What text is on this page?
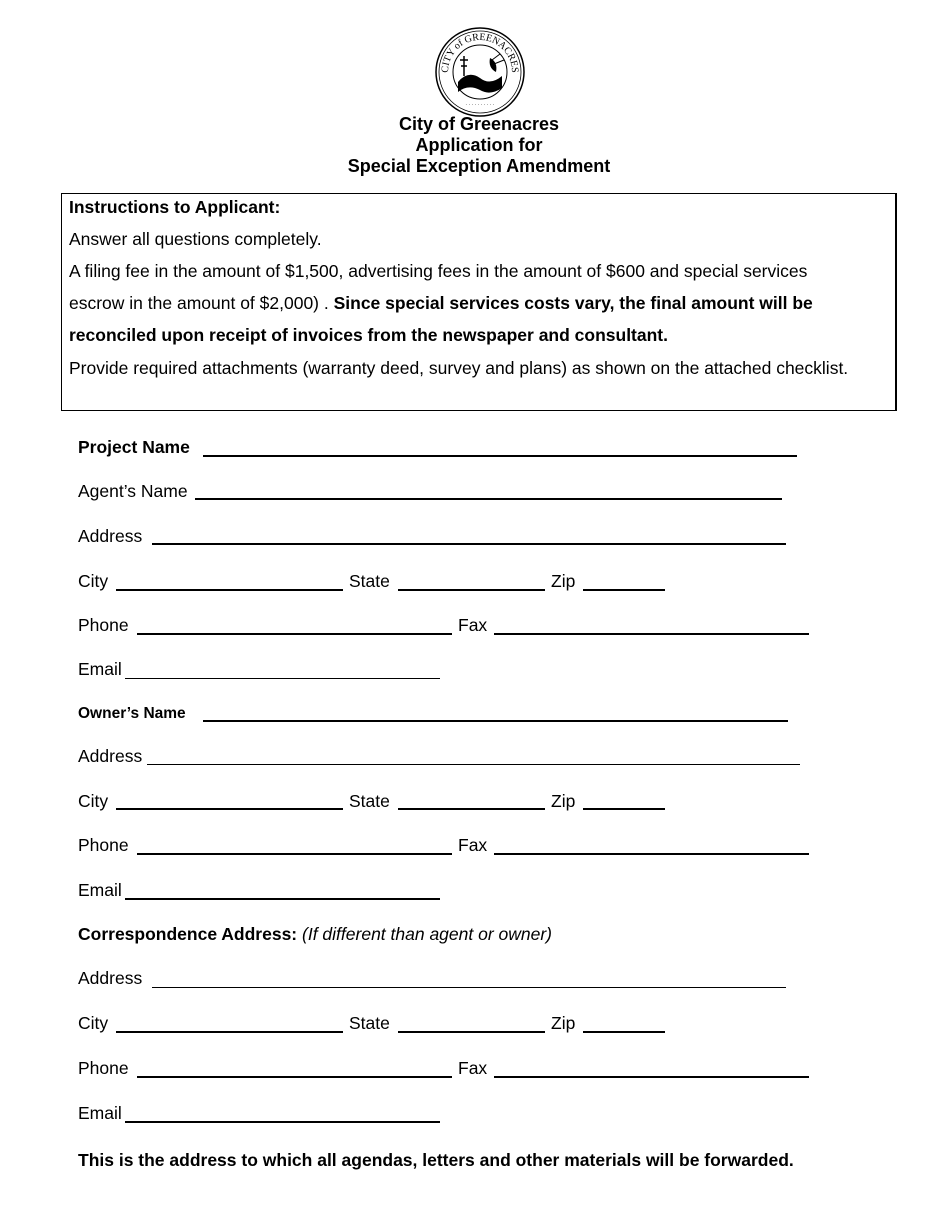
CITY of GREENACRES
· · · · · · · · · ·
City of Greenacres
Application for
Special Exception Amendment
Instructions to Applicant:
Answer all questions completely.
A filing fee in the amount of $1,500, advertising fees in the amount of $600 and special services
escrow in the amount of $2,000) . Since special services costs vary, the final amount will be
reconciled upon receipt of invoices from the newspaper and consultant.
Provide required attachments (warranty deed, survey and plans) as shown on the attached checklist.
Project Name
Agent’s Name
Address
City	State	Zip
Phone	Fax
Email
Owner’s Name
Address
City	State	Zip
Phone	Fax
Email
Correspondence Address: (If different than agent or owner)
Address
City	State	Zip
Phone	Fax
Email
This is the address to which all agendas, letters and other materials will be forwarded.
